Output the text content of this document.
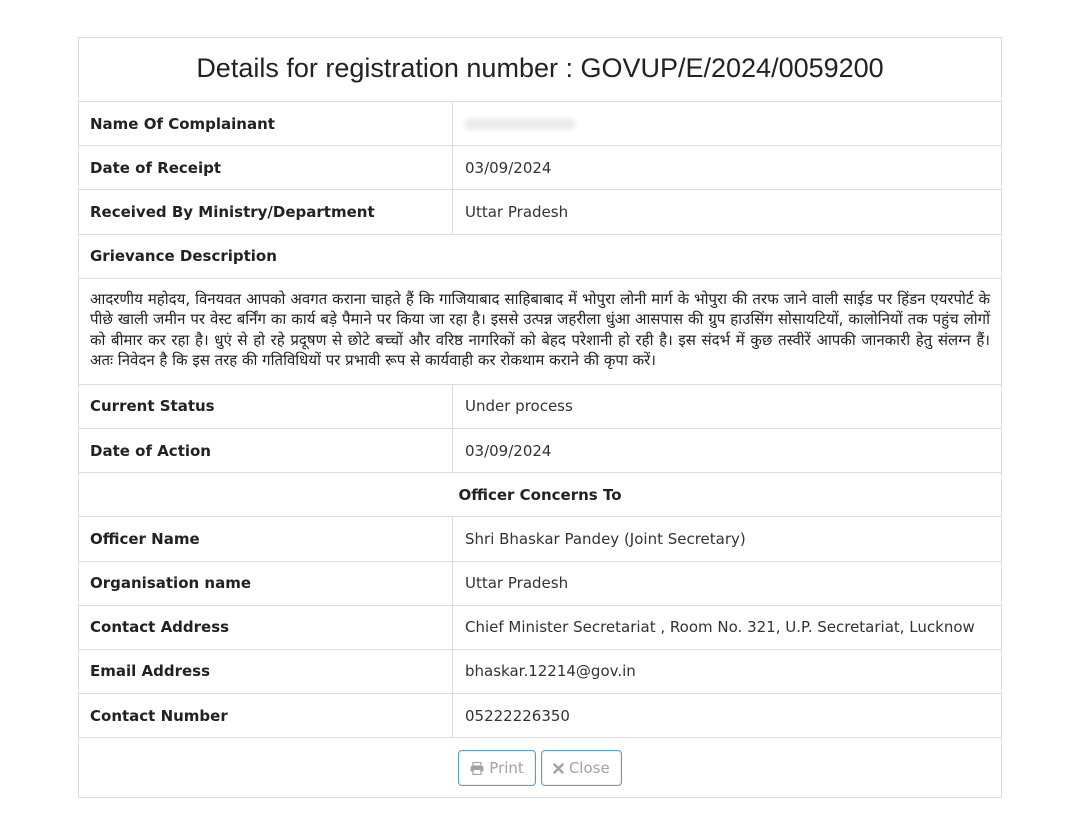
Details for registration number : GOVUP/E/2024/0059200
Name Of Complainant
Date of Receipt	03/09/2024
Received By Ministry/Department	Uttar Pradesh
Grievance Description
आदरणीय महोदय, विनयवत आपको अवगत कराना चाहते हैं कि गाजियाबाद साहिबाबाद में भोपुरा लोनी मार्ग के भोपुरा की तरफ जाने वाली साईड पर हिंडन एयरपोर्ट के पीछे खाली जमीन पर वेस्ट बर्निंग का कार्य बड़े पैमाने पर किया जा रहा है। इससे उत्पन्न जहरीला धुंआ आसपास की ग्रुप हाउसिंग सोसायटियों, कालोनियों तक पहुंच लोगों को बीमार कर रहा है। धुएं से हो रहे प्रदूषण से छोटे बच्चों और वरिष्ठ नागरिकों को बेहद परेशानी हो रही है। इस संदर्भ में कुछ तस्वीरें आपकी जानकारी हेतु संलग्न हैं। अतः निवेदन है कि इस तरह की गतिविधियों पर प्रभावी रूप से कार्यवाही कर रोकथाम कराने की कृपा करें।
Current Status	Under process
Date of Action	03/09/2024
Officer Concerns To
Officer Name	Shri Bhaskar Pandey (Joint Secretary)
Organisation name	Uttar Pradesh
Contact Address	Chief Minister Secretariat , Room No. 321, U.P. Secretariat, Lucknow
Email Address	bhaskar.12214@gov.in
Contact Number	05222226350
Print	Close
